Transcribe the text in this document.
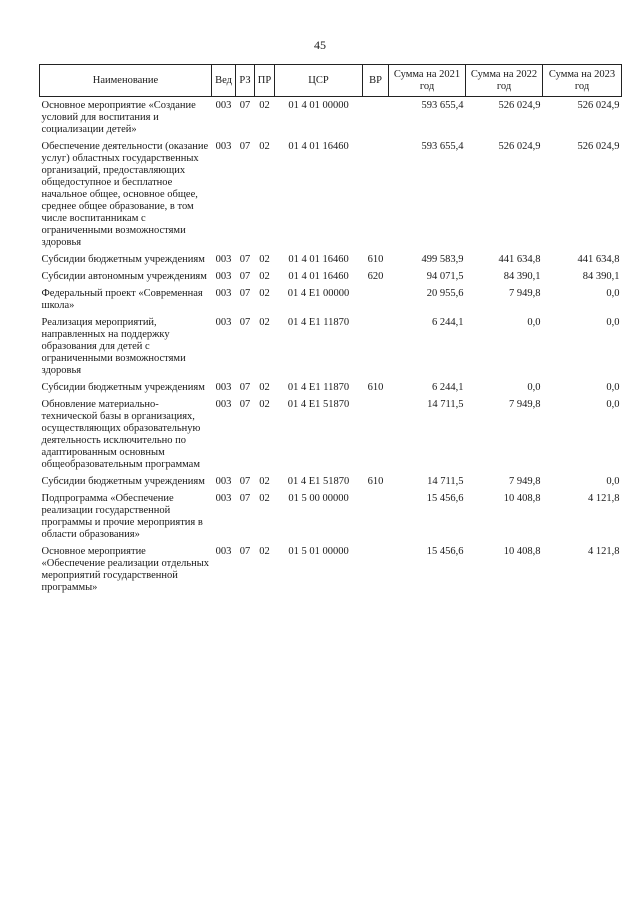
45
Наименование	Вед	РЗ	ПР	ЦСР	ВР	Сумма на 2021 год	Сумма на 2022 год	Сумма на 2023 год
Основное мероприятие «Создание условий для воспитания и социализации детей»	003	07	02	01 4 01 00000		593 655,4	526 024,9	526 024,9
Обеспечение деятельности (оказание услуг) областных государственных организаций, предоставляющих общедоступное и бесплатное начальное общее, основное общее, среднее общее образование, в том числе воспитанникам с ограниченными возможностями здоровья	003	07	02	01 4 01 16460		593 655,4	526 024,9	526 024,9
Субсидии бюджетным учреждениям	003	07	02	01 4 01 16460	610	499 583,9	441 634,8	441 634,8
Субсидии автономным учреждениям	003	07	02	01 4 01 16460	620	94 071,5	84 390,1	84 390,1
Федеральный проект «Современная школа»	003	07	02	01 4 E1 00000		20 955,6	7 949,8	0,0
Реализация мероприятий, направленных на поддержку образования для детей с ограниченными возможностями здоровья	003	07	02	01 4 E1 11870		6 244,1	0,0	0,0
Субсидии бюджетным учреждениям	003	07	02	01 4 E1 11870	610	6 244,1	0,0	0,0
Обновление материально-технической базы в организациях, осуществляющих образовательную деятельность исключительно по адаптированным основным общеобразовательным программам	003	07	02	01 4 E1 51870		14 711,5	7 949,8	0,0
Субсидии бюджетным учреждениям	003	07	02	01 4 E1 51870	610	14 711,5	7 949,8	0,0
Подпрограмма «Обеспечение реализации государственной программы и прочие мероприятия в области образования»	003	07	02	01 5 00 00000		15 456,6	10 408,8	4 121,8
Основное мероприятие «Обеспечение реализации отдельных мероприятий государственной программы»	003	07	02	01 5 01 00000		15 456,6	10 408,8	4 121,8
